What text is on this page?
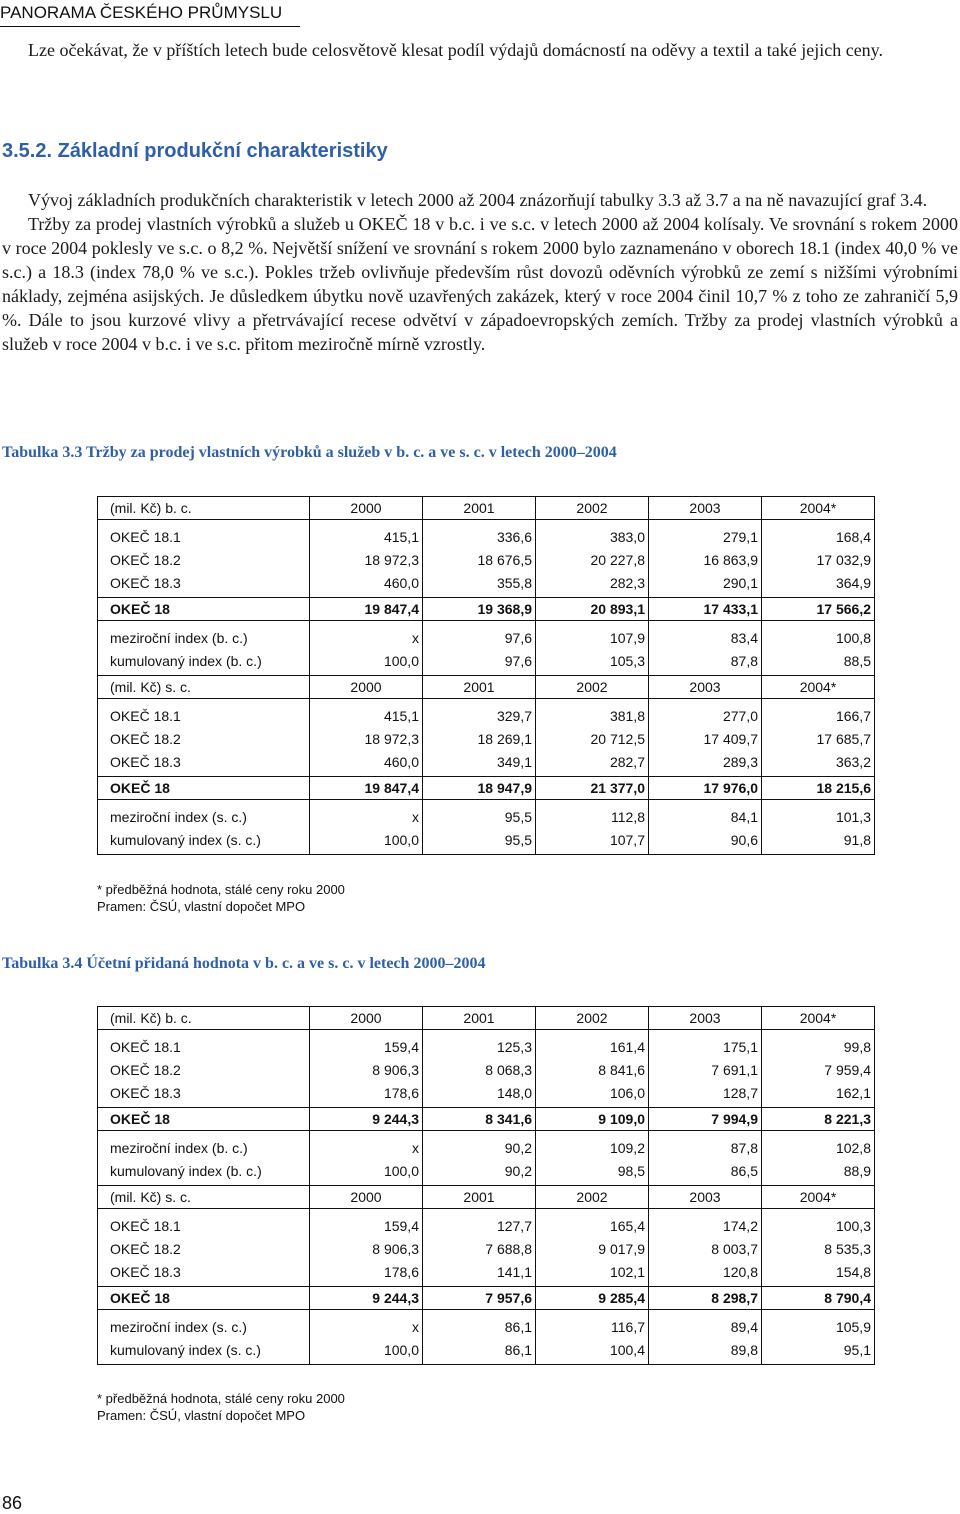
PANORAMA ČESKÉHO PRŮMYSLU

Lze očekávat, že v příštích letech bude celosvětově klesat podíl výdajů domácností na oděvy a textil a také jejich ceny.

3.5.2. Základní produkční charakteristiky

Vývoj základních produkčních charakteristik v letech 2000 až 2004 znázorňují tabulky 3.3 až 3.7 a na ně navazující graf 3.4.

Tržby za prodej vlastních výrobků a služeb u OKEČ 18 v b.c. i ve s.c. v letech 2000 až 2004 kolísaly. Ve srovnání s rokem 2000 v roce 2004 poklesly ve s.c. o 8,2 %. Největší snížení ve srovnání s rokem 2000 bylo zaznamenáno v oborech 18.1 (index 40,0 % ve s.c.) a 18.3 (index 78,0 % ve s.c.). Pokles tržeb ovlivňuje především růst dovozů oděvních výrobků ze zemí s nižšími výrobními náklady, zejména asijských. Je důsledkem úbytku nově uzavřených zakázek, který v roce 2004 činil 10,7 % z toho ze zahraničí 5,9 %. Dále to jsou kurzové vlivy a přetrvávající recese odvětví v západoevropských zemích. Tržby za prodej vlastních výrobků a služeb v roce 2004 v b.c. i ve s.c. přitom meziročně mírně vzrostly.

Tabulka 3.3 Tržby za prodej vlastních výrobků a služeb v b. c. a ve s. c. v letech 2000–2004
(mil. Kč) b. c.	2000	2001	2002	2003	2004*
OKEČ 18.1	415,1	336,6	383,0	279,1	168,4
OKEČ 18.2	18 972,3	18 676,5	20 227,8	16 863,9	17 032,9
OKEČ 18.3	460,0	355,8	282,3	290,1	364,9
OKEČ 18	19 847,4	19 368,9	20 893,1	17 433,1	17 566,2
meziroční index (b. c.)	x	97,6	107,9	83,4	100,8
kumulovaný index (b. c.)	100,0	97,6	105,3	87,8	88,5
(mil. Kč) s. c.	2000	2001	2002	2003	2004*
OKEČ 18.1	415,1	329,7	381,8	277,0	166,7
OKEČ 18.2	18 972,3	18 269,1	20 712,5	17 409,7	17 685,7
OKEČ 18.3	460,0	349,1	282,7	289,3	363,2
OKEČ 18	19 847,4	18 947,9	21 377,0	17 976,0	18 215,6
meziroční index (s. c.)	x	95,5	112,8	84,1	101,3
kumulovaný index (s. c.)	100,0	95,5	107,7	90,6	91,8
* předběžná hodnota, stálé ceny roku 2000
Pramen: ČSÚ, vlastní dopočet MPO
Tabulka 3.4 Účetní přidaná hodnota v b. c. a ve s. c. v letech 2000–2004
(mil. Kč) b. c.	2000	2001	2002	2003	2004*
OKEČ 18.1	159,4	125,3	161,4	175,1	99,8
OKEČ 18.2	8 906,3	8 068,3	8 841,6	7 691,1	7 959,4
OKEČ 18.3	178,6	148,0	106,0	128,7	162,1
OKEČ 18	9 244,3	8 341,6	9 109,0	7 994,9	8 221,3
meziroční index (b. c.)	x	90,2	109,2	87,8	102,8
kumulovaný index (b. c.)	100,0	90,2	98,5	86,5	88,9
(mil. Kč) s. c.	2000	2001	2002	2003	2004*
OKEČ 18.1	159,4	127,7	165,4	174,2	100,3
OKEČ 18.2	8 906,3	7 688,8	9 017,9	8 003,7	8 535,3
OKEČ 18.3	178,6	141,1	102,1	120,8	154,8
OKEČ 18	9 244,3	7 957,6	9 285,4	8 298,7	8 790,4
meziroční index (s. c.)	x	86,1	116,7	89,4	105,9
kumulovaný index (s. c.)	100,0	86,1	100,4	89,8	95,1
* předběžná hodnota, stálé ceny roku 2000
Pramen: ČSÚ, vlastní dopočet MPO
86
